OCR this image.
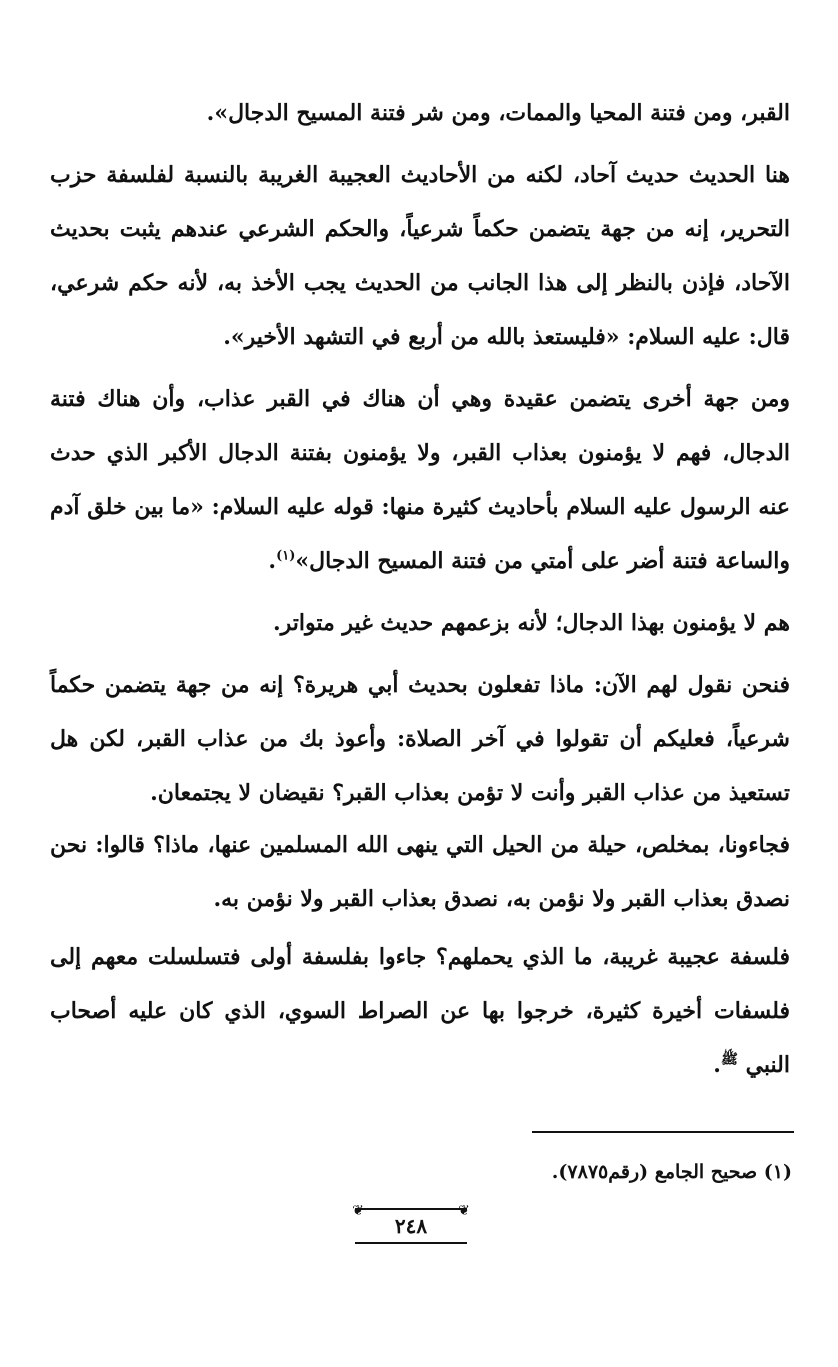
القبر، ومن فتنة المحيا والممات، ومن شر فتنة المسيح الدجال».
هنا الحديث حديث آحاد، لكنه من الأحاديث العجيبة الغريبة بالنسبة لفلسفة حزب التحرير، إنه من جهة يتضمن حكماً شرعياً، والحكم الشرعي عندهم يثبت بحديث الآحاد، فإذن بالنظر إلى هذا الجانب من الحديث يجب الأخذ به، لأنه حكم شرعي، قال: عليه السلام: «فليستعذ بالله من أربع في التشهد الأخير».
ومن جهة أخرى يتضمن عقيدة وهي أن هناك في القبر عذاب، وأن هناك فتنة الدجال، فهم لا يؤمنون بعذاب القبر، ولا يؤمنون بفتنة الدجال الأكبر الذي حدث عنه الرسول عليه السلام بأحاديث كثيرة منها: قوله عليه السلام: «ما بين خلق آدم والساعة فتنة أضر على أمتي من فتنة المسيح الدجال»$^{(١)}$.
هم لا يؤمنون بهذا الدجال؛ لأنه بزعمهم حديث غير متواتر.
فنحن نقول لهم الآن: ماذا تفعلون بحديث أبي هريرة؟ إنه من جهة يتضمن حكماً شرعياً، فعليكم أن تقولوا في آخر الصلاة: وأعوذ بك من عذاب القبر، لكن هل تستعيذ من عذاب القبر وأنت لا تؤمن بعذاب القبر؟ نقيضان لا يجتمعان.
فجاءونا، بمخلص، حيلة من الحيل التي ينهى الله المسلمين عنها، ماذا؟ قالوا: نحن نصدق بعذاب القبر ولا نؤمن به، نصدق بعذاب القبر ولا نؤمن به.
فلسفة عجيبة غريبة، ما الذي يحملهم؟ جاءوا بفلسفة أولى فتسلسلت معهم إلى فلسفات أخيرة كثيرة، خرجوا بها عن الصراط السوي، الذي كان عليه أصحاب النبي $^ﷺ$.
(١) صحيح الجامع (رقم٧٨٧٥).
❦	❦
٢٤٨
